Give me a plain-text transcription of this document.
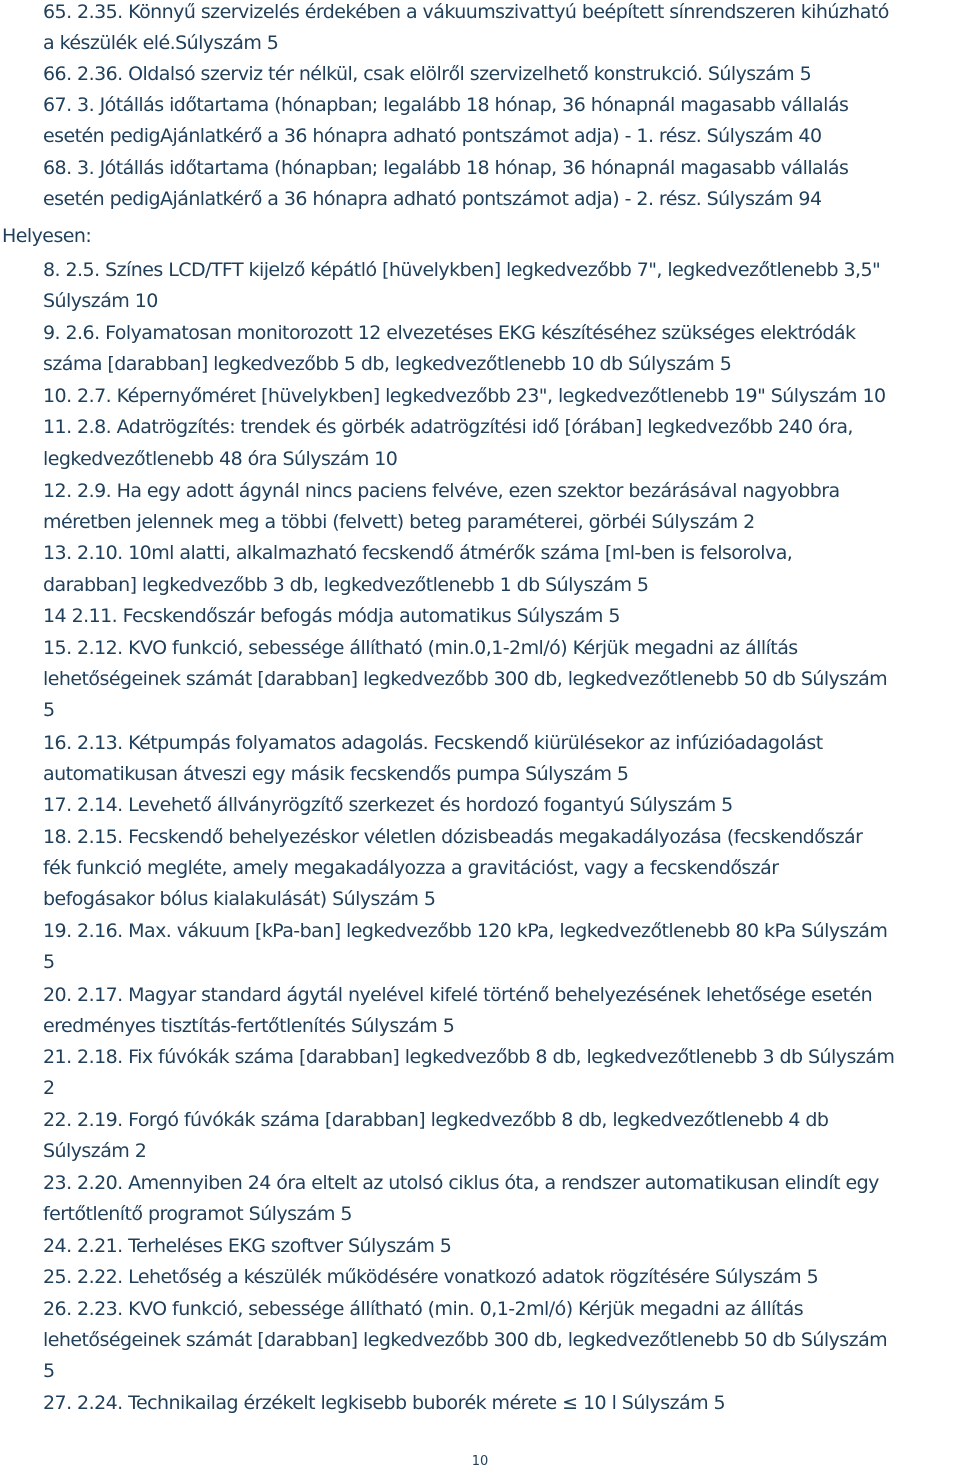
65. 2.35. Könnyű szervizelés érdekében a vákuumszivattyú beépített sínrendszeren kihúzható
a készülék elé.Súlyszám 5
66. 2.36. Oldalsó szerviz tér nélkül, csak elölről szervizelhető konstrukció. Súlyszám 5
67. 3. Jótállás időtartama (hónapban; legalább 18 hónap, 36 hónapnál magasabb vállalás
esetén pedigAjánlatkérő a 36 hónapra adható pontszámot adja) - 1. rész. Súlyszám 40
68. 3. Jótállás időtartama (hónapban; legalább 18 hónap, 36 hónapnál magasabb vállalás
esetén pedigAjánlatkérő a 36 hónapra adható pontszámot adja) - 2. rész. Súlyszám 94
Helyesen:
8. 2.5. Színes LCD/TFT kijelző képátló [hüvelykben] legkedvezőbb 7", legkedvezőtlenebb 3,5"
Súlyszám 10
9. 2.6. Folyamatosan monitorozott 12 elvezetéses EKG készítéséhez szükséges elektródák
száma [darabban] legkedvezőbb 5 db, legkedvezőtlenebb 10 db Súlyszám 5
10. 2.7. Képernyőméret [hüvelykben] legkedvezőbb 23", legkedvezőtlenebb 19" Súlyszám 10
11. 2.8. Adatrögzítés: trendek és görbék adatrögzítési idő [órában] legkedvezőbb 240 óra,
legkedvezőtlenebb 48 óra Súlyszám 10
12. 2.9. Ha egy adott ágynál nincs paciens felvéve, ezen szektor bezárásával nagyobbra
méretben jelennek meg a többi (felvett) beteg paraméterei, görbéi Súlyszám 2
13. 2.10. 10ml alatti, alkalmazható fecskendő átmérők száma [ml-ben is felsorolva,
darabban] legkedvezőbb 3 db, legkedvezőtlenebb 1 db Súlyszám 5
14 2.11. Fecskendőszár befogás módja automatikus Súlyszám 5
15. 2.12. KVO funkció, sebessége állítható (min.0,1-2ml/ó) Kérjük megadni az állítás
lehetőségeinek számát [darabban] legkedvezőbb 300 db, legkedvezőtlenebb 50 db Súlyszám
5
16. 2.13. Kétpumpás folyamatos adagolás. Fecskendő kiürülésekor az infúzióadagolást
automatikusan átveszi egy másik fecskendős pumpa Súlyszám 5
17. 2.14. Levehető állványrögzítő szerkezet és hordozó fogantyú Súlyszám 5
18. 2.15. Fecskendő behelyezéskor véletlen dózisbeadás megakadályozása (fecskendőszár
fék funkció megléte, amely megakadályozza a gravitációst, vagy a fecskendőszár
befogásakor bólus kialakulását) Súlyszám 5
19. 2.16. Max. vákuum [kPa-ban] legkedvezőbb 120 kPa, legkedvezőtlenebb 80 kPa Súlyszám
5
20. 2.17. Magyar standard ágytál nyelével kifelé történő behelyezésének lehetősége esetén
eredményes tisztítás-fertőtlenítés Súlyszám 5
21. 2.18. Fix fúvókák száma [darabban] legkedvezőbb 8 db, legkedvezőtlenebb 3 db Súlyszám
2
22. 2.19. Forgó fúvókák száma [darabban] legkedvezőbb 8 db, legkedvezőtlenebb 4 db
Súlyszám 2
23. 2.20. Amennyiben 24 óra eltelt az utolsó ciklus óta, a rendszer automatikusan elindít egy
fertőtlenítő programot Súlyszám 5
24. 2.21. Terheléses EKG szoftver Súlyszám 5
25. 2.22. Lehetőség a készülék működésére vonatkozó adatok rögzítésére Súlyszám 5
26. 2.23. KVO funkció, sebessége állítható (min. 0,1-2ml/ó) Kérjük megadni az állítás
lehetőségeinek számát [darabban] legkedvezőbb 300 db, legkedvezőtlenebb 50 db Súlyszám
5
27. 2.24. Technikailag érzékelt legkisebb buborék mérete ≤ 10 l Súlyszám 5
10
